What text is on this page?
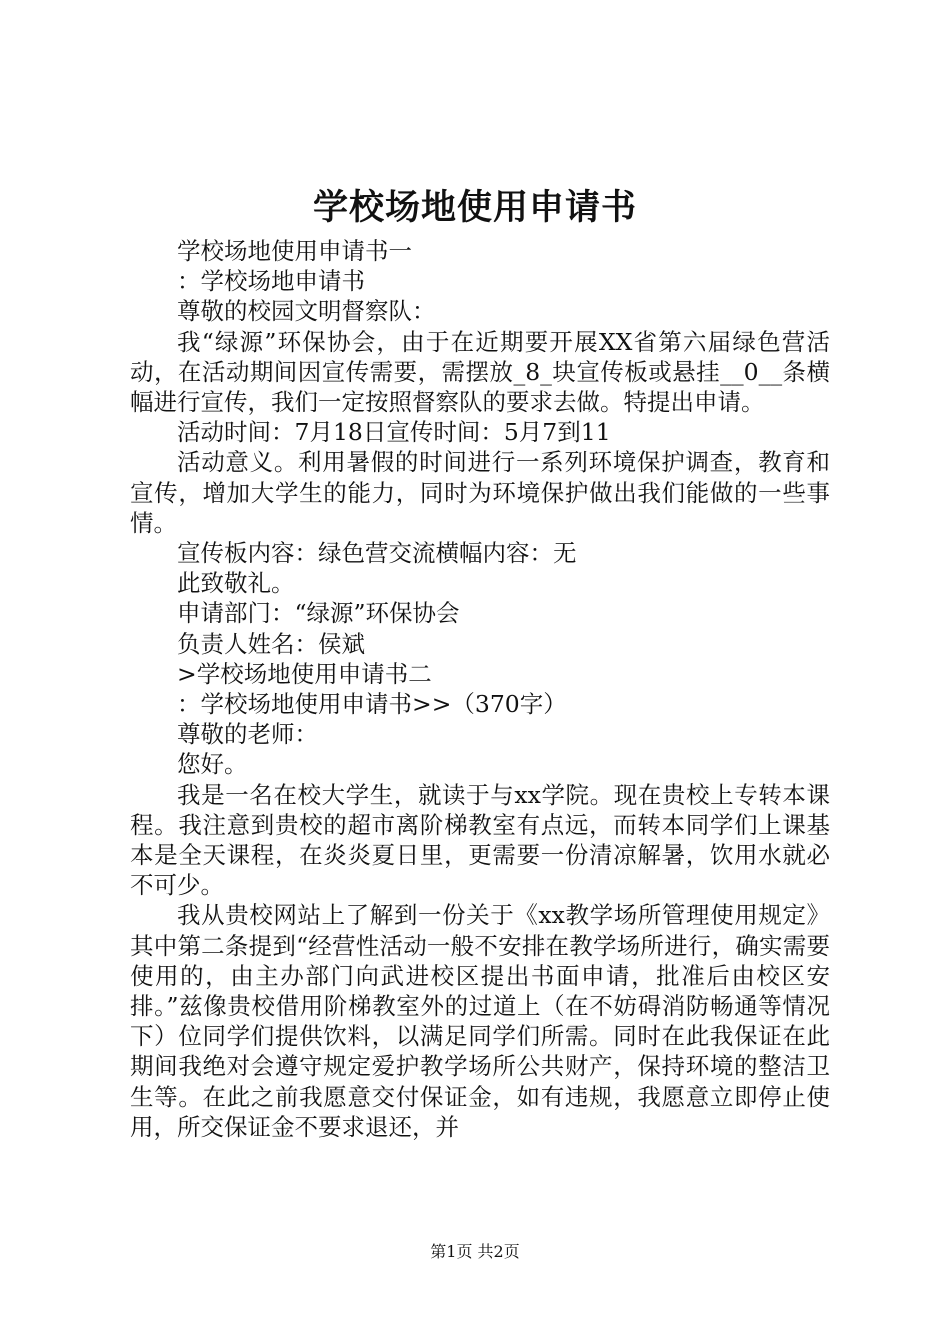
学校场地使用申请书

学校场地使用申请书一

：学校场地申请书

尊敬的校园文明督察队：

我“绿源”环保协会，由于在近期要开展XX省第六届绿色营活动，在活动期间因宣传需要，需摆放_8_块宣传板或悬挂__0__条横幅进行宣传，我们一定按照督察队的要求去做。特提出申请。

活动时间：7月18日宣传时间：5月7到11

活动意义。利用暑假的时间进行一系列环境保护调查，教育和宣传，增加大学生的能力，同时为环境保护做出我们能做的一些事情。

宣传板内容：绿色营交流横幅内容：无

此致敬礼。

申请部门：“绿源”环保协会

负责人姓名：侯斌

>学校场地使用申请书二

：学校场地使用申请书>>（370字）

尊敬的老师：

您好。

我是一名在校大学生，就读于与xx学院。现在贵校上专转本课程。我注意到贵校的超市离阶梯教室有点远，而转本同学们上课基本是全天课程，在炎炎夏日里，更需要一份清凉解暑，饮用水就必不可少。

我从贵校网站上了解到一份关于《xx教学场所管理使用规定》其中第二条提到“经营性活动一般不安排在教学场所进行，确实需要使用的，由主办部门向武进校区提出书面申请，批准后由校区安排。”兹像贵校借用阶梯教室外的过道上（在不妨碍消防畅通等情况下）位同学们提供饮料，以满足同学们所需。同时在此我保证在此期间我绝对会遵守规定爱护教学场所公共财产，保持环境的整洁卫生等。在此之前我愿意交付保证金，如有违规，我愿意立即停止使用，所交保证金不要求退还，并

第1页 共2页
